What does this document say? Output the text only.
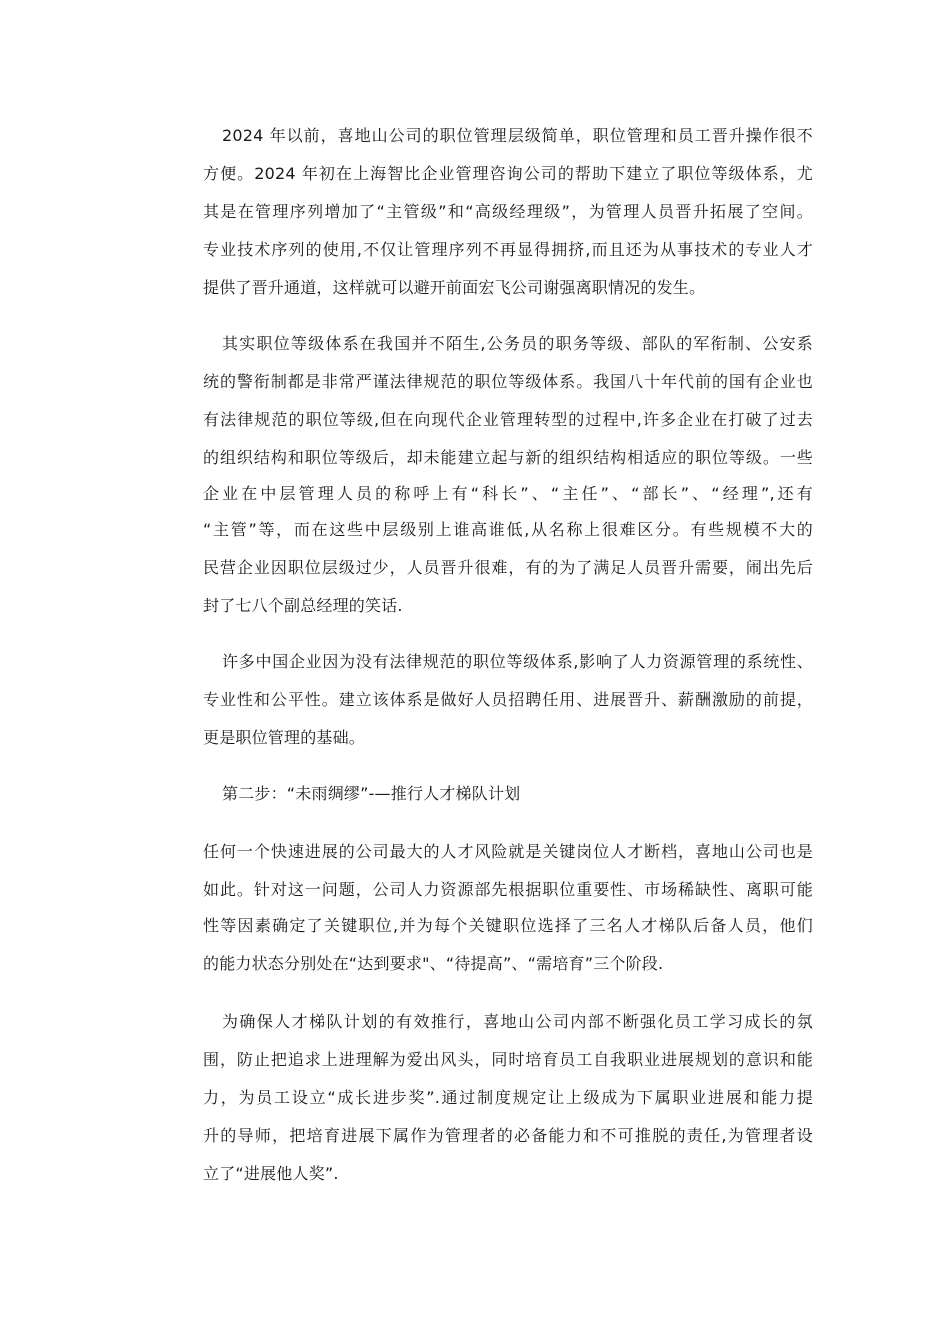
2024 年以前，喜地山公司的职位管理层级简单，职位管理和员工晋升操作很不
方便。2024 年初在上海智比企业管理咨询公司的帮助下建立了职位等级体系，尤
其是在管理序列增加了“主管级”和“高级经理级”，为管理人员晋升拓展了空间。
专业技术序列的使用,不仅让管理序列不再显得拥挤,而且还为从事技术的专业人才
提供了晋升通道，这样就可以避开前面宏飞公司谢强离职情况的发生。
其实职位等级体系在我国并不陌生,公务员的职务等级、部队的军衔制、公安系
统的警衔制都是非常严谨法律规范的职位等级体系。我国八十年代前的国有企业也
有法律规范的职位等级,但在向现代企业管理转型的过程中,许多企业在打破了过去
的组织结构和职位等级后，却未能建立起与新的组织结构相适应的职位等级。一些
企业在中层管理人员的称呼上有“科长”、“主任”、“部长”、“经理”,还有
“主管”等，而在这些中层级别上谁高谁低,从名称上很难区分。有些规模不大的
民营企业因职位层级过少，人员晋升很难，有的为了满足人员晋升需要，闹出先后
封了七八个副总经理的笑话.
许多中国企业因为没有法律规范的职位等级体系,影响了人力资源管理的系统性、
专业性和公平性。建立该体系是做好人员招聘任用、进展晋升、薪酬激励的前提，
更是职位管理的基础。
第二步：“未雨绸缪”-—推行人才梯队计划
任何一个快速进展的公司最大的人才风险就是关键岗位人才断档，喜地山公司也是
如此。针对这一问题，公司人力资源部先根据职位重要性、市场稀缺性、离职可能
性等因素确定了关键职位,并为每个关键职位选择了三名人才梯队后备人员，他们
的能力状态分别处在“达到要求"、“待提高”、“需培育”三个阶段.
为确保人才梯队计划的有效推行，喜地山公司内部不断强化员工学习成长的氛
围，防止把追求上进理解为爱出风头，同时培育员工自我职业进展规划的意识和能
力，为员工设立“成长进步奖”.通过制度规定让上级成为下属职业进展和能力提
升的导师，把培育进展下属作为管理者的必备能力和不可推脱的责任,为管理者设
立了“进展他人奖”.
